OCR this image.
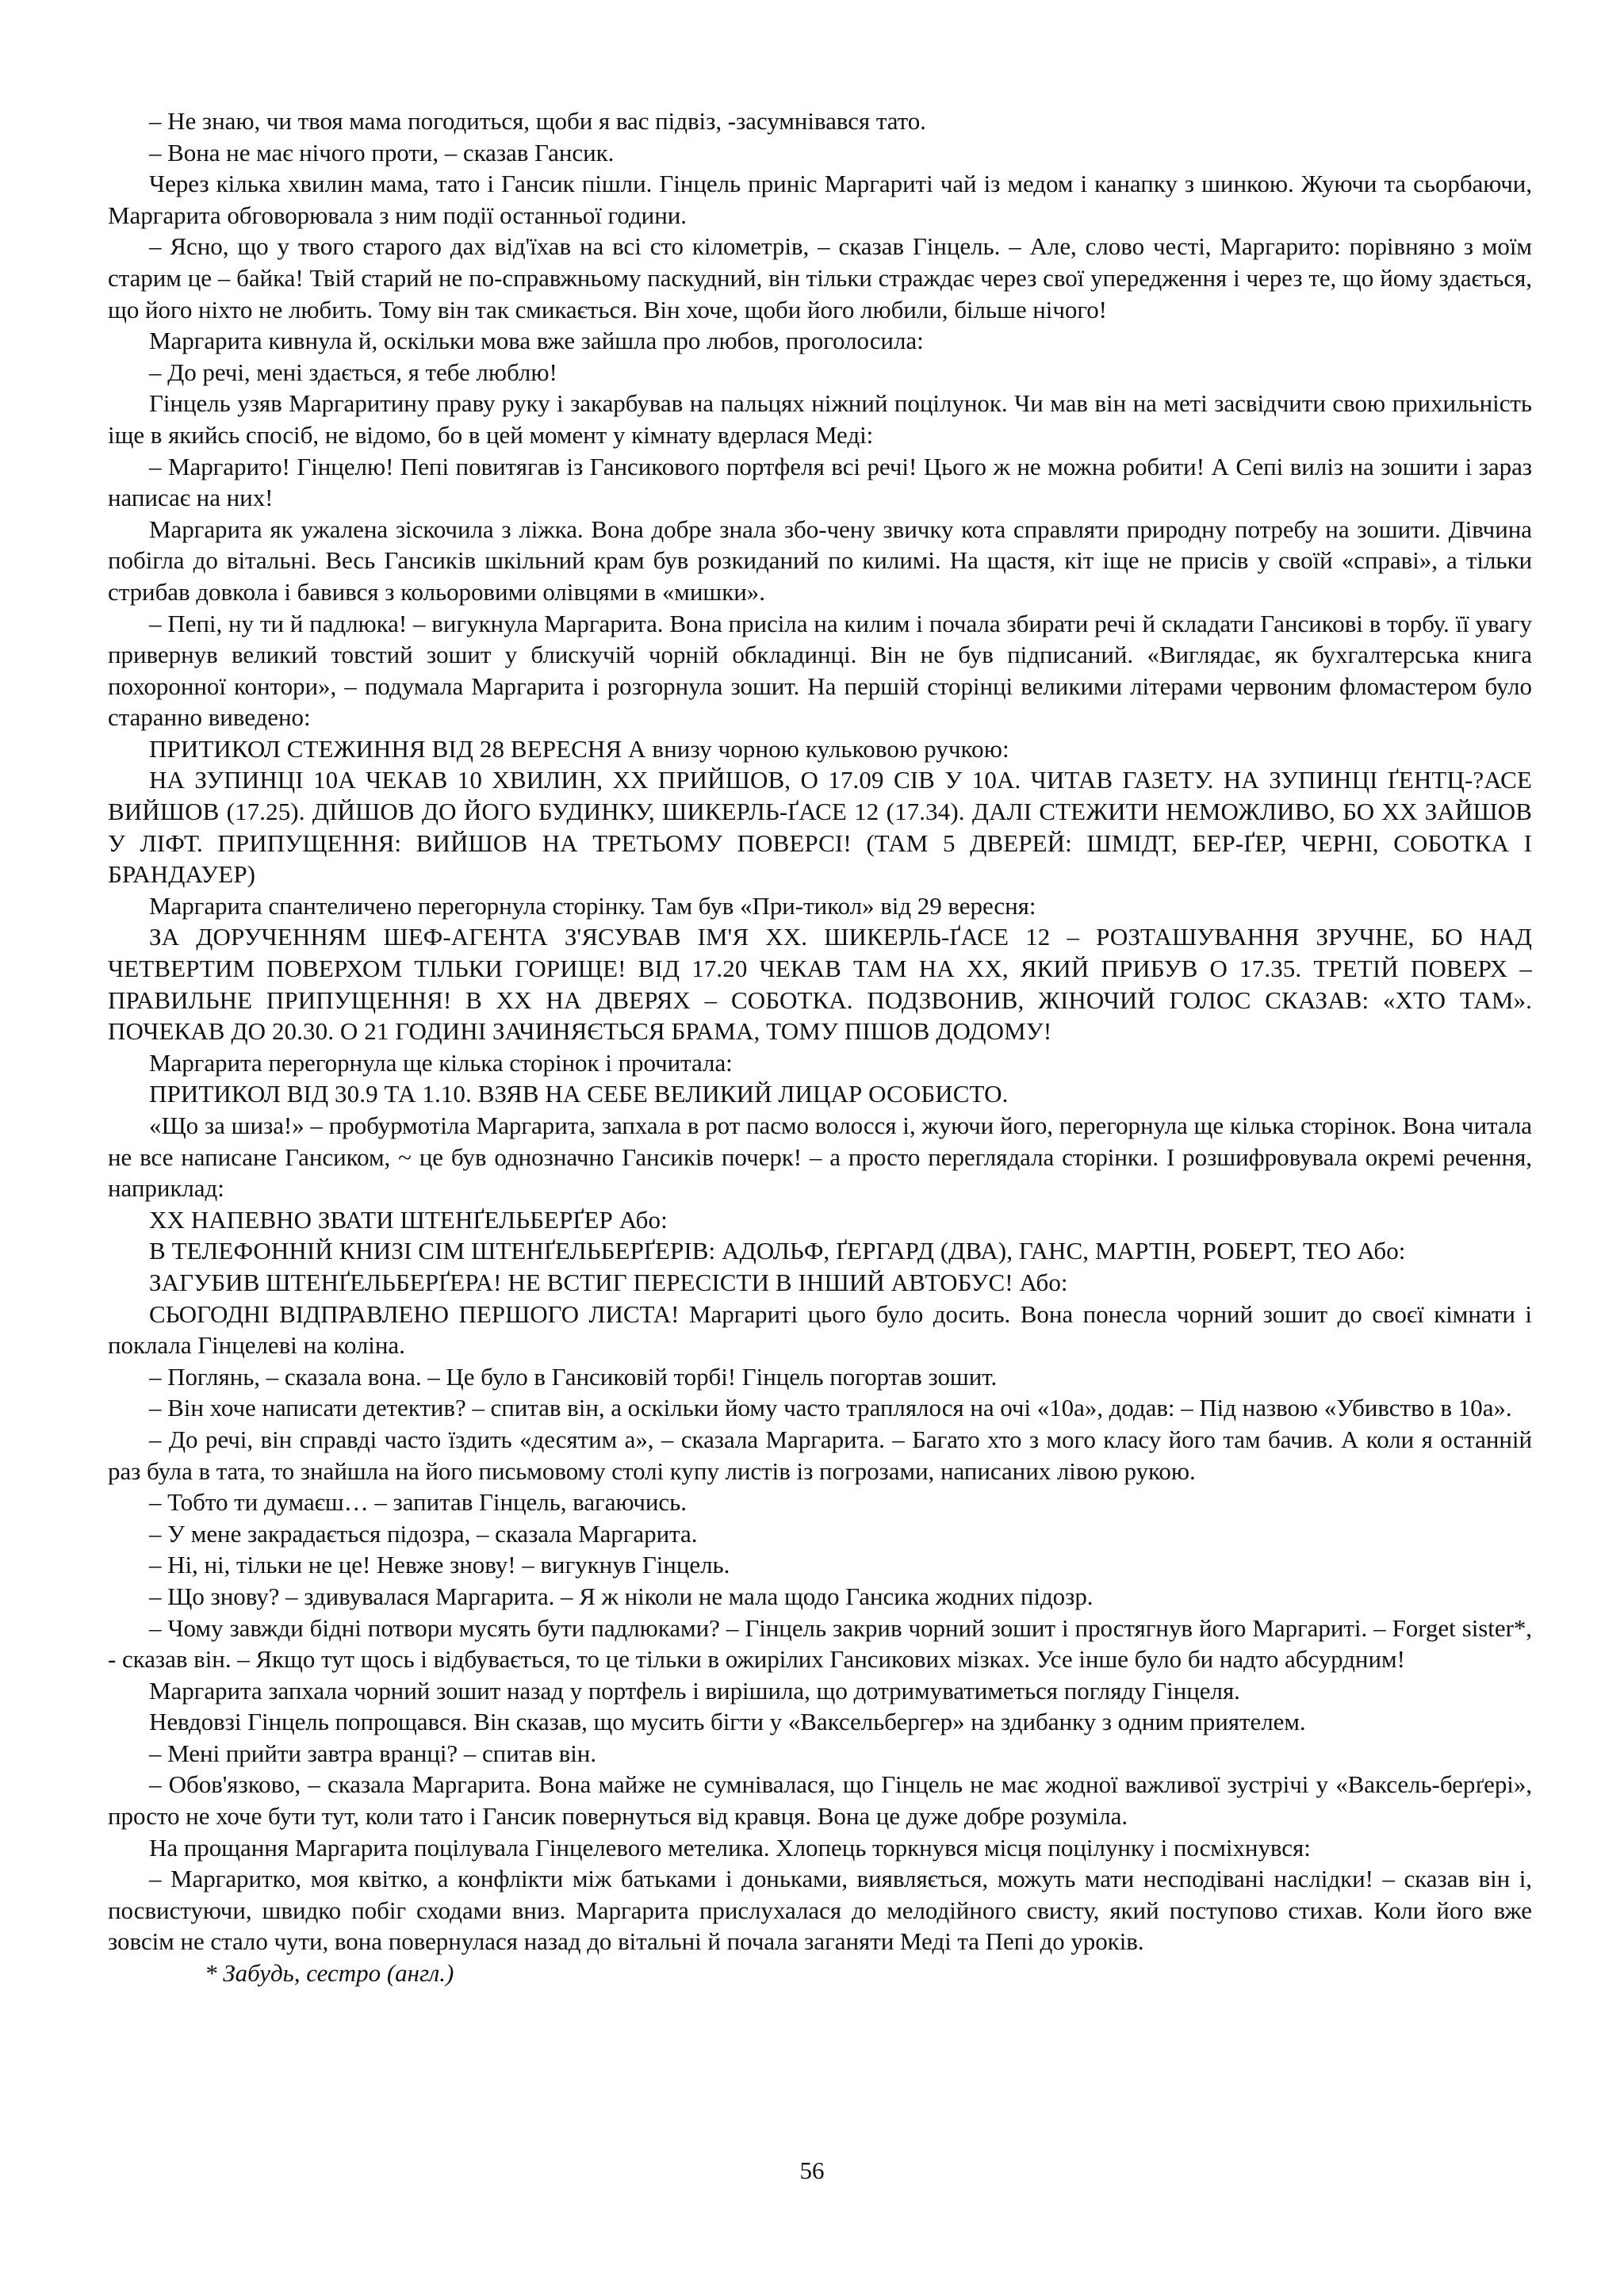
– Не знаю, чи твоя мама погодиться, щоби я вас підвіз, -засумнівався тато.

– Вона не має нічого проти, – сказав Гансик.

Через кілька хвилин мама, тато і Гансик пішли. Гінцель приніс Маргариті чай із медом і канапку з шинкою. Жуючи та сьорбаючи, Маргарита обговорювала з ним події останньої години.

– Ясно, що у твого старого дах від'їхав на всі сто кілометрів, – сказав Гінцель. – Але, слово честі, Маргарито: порівняно з моїм старим це – байка! Твій старий не по-справжньому паскудний, він тільки страждає через свої упередження і через те, що йому здається, що його ніхто не любить. Тому він так смикається. Він хоче, щоби його любили, більше нічого!

Маргарита кивнула й, оскільки мова вже зайшла про любов, проголосила:

– До речі, мені здається, я тебе люблю!

Гінцель узяв Маргаритину праву руку і закарбував на пальцях ніжний поцілунок. Чи мав він на меті засвідчити свою прихильність іще в якийсь спосіб, не відомо, бо в цей момент у кімнату вдерлася Меді:

– Маргарито! Гінцелю! Пепі повитягав із Гансикового портфеля всі речі! Цього ж не можна робити! А Сепі виліз на зошити і зараз написає на них!

Маргарита як ужалена зіскочила з ліжка. Вона добре знала збо-чену звичку кота справляти природну потребу на зошити. Дівчина побігла до вітальні. Весь Гансиків шкільний крам був розкиданий по килимі. На щастя, кіт іще не присів у своїй «справі», а тільки стрибав довкола і бавився з кольоровими олівцями в «мишки».

– Пепі, ну ти й падлюка! – вигукнула Маргарита. Вона присіла на килим і почала збирати речі й складати Гансикові в торбу. її увагу привернув великий товстий зошит у блискучій чорній обкладинці. Він не був підписаний. «Виглядає, як бухгалтерська книга похоронної контори», – подумала Маргарита і розгорнула зошит. На першій сторінці великими літерами червоним фломастером було старанно виведено:

ПРИТИКОЛ СТЕЖИННЯ ВІД 28 ВЕРЕСНЯ А внизу чорною кульковою ручкою:

НА ЗУПИНЦІ 10А ЧЕКАВ 10 ХВИЛИН, ХХ ПРИЙШОВ, О 17.09 СІВ У 10А. ЧИТАВ ГАЗЕТУ. НА ЗУПИНЦІ ҐЕНТЦ-?АСЕ ВИЙШОВ (17.25). ДІЙШОВ ДО ЙОГО БУДИНКУ, ШИКЕРЛЬ-ҐАСЕ 12 (17.34). ДАЛІ СТЕЖИТИ НЕМОЖЛИВО, БО ХХ ЗАЙШОВ У ЛІФТ. ПРИПУЩЕННЯ: ВИЙШОВ НА ТРЕТЬОМУ ПОВЕРСІ! (ТАМ 5 ДВЕРЕЙ: ШМІДТ, БЕР-ҐЕР, ЧЕРНІ, СОБОТКА І БРАНДАУЕР)

Маргарита спантеличено перегорнула сторінку. Там був «При-тикол» від 29 вересня:

ЗА ДОРУЧЕННЯМ ШЕФ-АГЕНТА З'ЯСУВАВ ІМ'Я ХХ. ШИКЕРЛЬ-ҐАСЕ 12 – РОЗТАШУВАННЯ ЗРУЧНЕ, БО НАД ЧЕТВЕРТИМ ПОВЕРХОМ ТІЛЬКИ ГОРИЩЕ! ВІД 17.20 ЧЕКАВ ТАМ НА ХХ, ЯКИЙ ПРИБУВ О 17.35. ТРЕТІЙ ПОВЕРХ – ПРАВИЛЬНЕ ПРИПУЩЕННЯ! В ХХ НА ДВЕРЯХ – СОБОТКА. ПОДЗВОНИВ, ЖІНОЧИЙ ГОЛОС СКАЗАВ: «ХТО ТАМ». ПОЧЕКАВ ДО 20.30. О 21 ГОДИНІ ЗАЧИНЯЄТЬСЯ БРАМА, ТОМУ ПІШОВ ДОДОМУ!

Маргарита перегорнула ще кілька сторінок і прочитала:

ПРИТИКОЛ ВІД 30.9 ТА 1.10. ВЗЯВ НА СЕБЕ ВЕЛИКИЙ ЛИЦАР ОСОБИСТО.

«Що за шиза!» – пробурмотіла Маргарита, запхала в рот пасмо волосся і, жуючи його, перегорнула ще кілька сторінок. Вона читала не все написане Гансиком, ~ це був однозначно Гансиків почерк! – а просто переглядала сторінки. І розшифровувала окремі речення, наприклад:

ХХ НАПЕВНО ЗВАТИ ШТЕНҐЕЛЬБЕРҐЕР Або:

В ТЕЛЕФОННІЙ КНИЗІ СІМ ШТЕНҐЕЛЬБЕРҐЕРІВ: АДОЛЬФ, ҐЕРГАРД (ДВА), ГАНС, МАРТІН, РОБЕРТ, ТЕО Або:

ЗАГУБИВ ШТЕНҐЕЛЬБЕРҐЕРА! НЕ ВСТИГ ПЕРЕСІСТИ В ІНШИЙ АВТОБУС! Або:

СЬОГОДНІ ВІДПРАВЛЕНО ПЕРШОГО ЛИСТА! Маргариті цього було досить. Вона понесла чорний зошит до своєї кімнати і поклала Гінцелеві на коліна.

– Поглянь, – сказала вона. – Це було в Гансиковій торбі! Гінцель погортав зошит.

– Він хоче написати детектив? – спитав він, а оскільки йому часто траплялося на очі «10а», додав: – Під назвою «Убивство в 10а».

– До речі, він справді часто їздить «десятим а», – сказала Маргарита. – Багато хто з мого класу його там бачив. А коли я останній раз була в тата, то знайшла на його письмовому столі купу листів із погрозами, написаних лівою рукою.

– Тобто ти думаєш… – запитав Гінцель, вагаючись.

– У мене закрадається підозра, – сказала Маргарита.

– Ні, ні, тільки не це! Невже знову! – вигукнув Гінцель.

– Що знову? – здивувалася Маргарита. – Я ж ніколи не мала щодо Гансика жодних підозр.

– Чому завжди бідні потвори мусять бути падлюками? – Гінцель закрив чорний зошит і простягнув його Маргариті. – Forget sister*, - сказав він. – Якщо тут щось і відбувається, то це тільки в ожирілих Гансикових мізках. Усе інше було би надто абсурдним!

Маргарита запхала чорний зошит назад у портфель і вирішила, що дотримуватиметься погляду Гінцеля.

Невдовзі Гінцель попрощався. Він сказав, що мусить бігти у «Ваксельбергер» на здибанку з одним приятелем.

– Мені прийти завтра вранці? – спитав він.

– Обов'язково, – сказала Маргарита. Вона майже не сумнівалася, що Гінцель не має жодної важливої зустрічі у «Ваксель-берґері», просто не хоче бути тут, коли тато і Гансик повернуться від кравця. Вона це дуже добре розуміла.

На прощання Маргарита поцілувала Гінцелевого метелика. Хлопець торкнувся місця поцілунку і посміхнувся:

– Маргаритко, моя квітко, а конфлікти між батьками і доньками, виявляється, можуть мати несподівані наслідки! – сказав він і, посвистуючи, швидко побіг сходами вниз. Маргарита прислухалася до мелодійного свисту, який поступово стихав. Коли його вже зовсім не стало чути, вона повернулася назад до вітальні й почала заганяти Меді та Пепі до уроків.

* Забудь, сестро (англ.)

56
